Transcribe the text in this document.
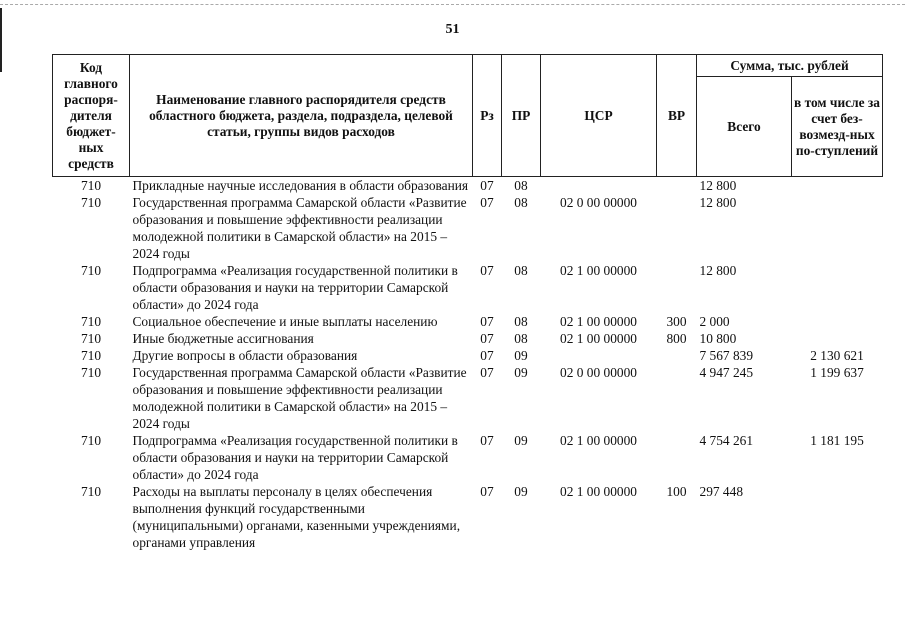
51
Код главного распоря-дителя бюджет-ных средств	Наименование главного распорядителя средств областного бюджета, раздела, подраздела, целевой статьи, группы видов расходов	Рз	ПР	ЦСР	ВР	Сумма, тыс. рублей	
						Всего	в том числе за счет без-возмезд-ных по-ступлений
710	Прикладные научные исследования в области образования	07	08			12 800	
710	Государственная программа Самарской области «Развитие образования и повышение эффективности реализации молодежной политики в Самарской области» на 2015 – 2024 годы	07	08	02 0 00 00000		12 800	
710	Подпрограмма «Реализация государственной политики в области образования и науки на территории Самарской области» до 2024 года	07	08	02 1 00 00000		12 800	
710	Социальное обеспечение и иные выплаты населению	07	08	02 1 00 00000	300	2 000	
710	Иные бюджетные ассигнования	07	08	02 1 00 00000	800	10 800	
710	Другие вопросы в области образования	07	09			7 567 839	2 130 621
710	Государственная программа Самарской области «Развитие образования и повышение эффективности реализации молодежной политики в Самарской области» на 2015 – 2024 годы	07	09	02 0 00 00000		4 947 245	1 199 637
710	Подпрограмма «Реализация государственной политики в области образования и науки на территории Самарской области» до 2024 года	07	09	02 1 00 00000		4 754 261	1 181 195
710	Расходы на выплаты персоналу в целях обеспечения выполнения функций государственными (муниципальными) органами, казенными учреждениями, органами управления	07	09	02 1 00 00000	100	297 448	
